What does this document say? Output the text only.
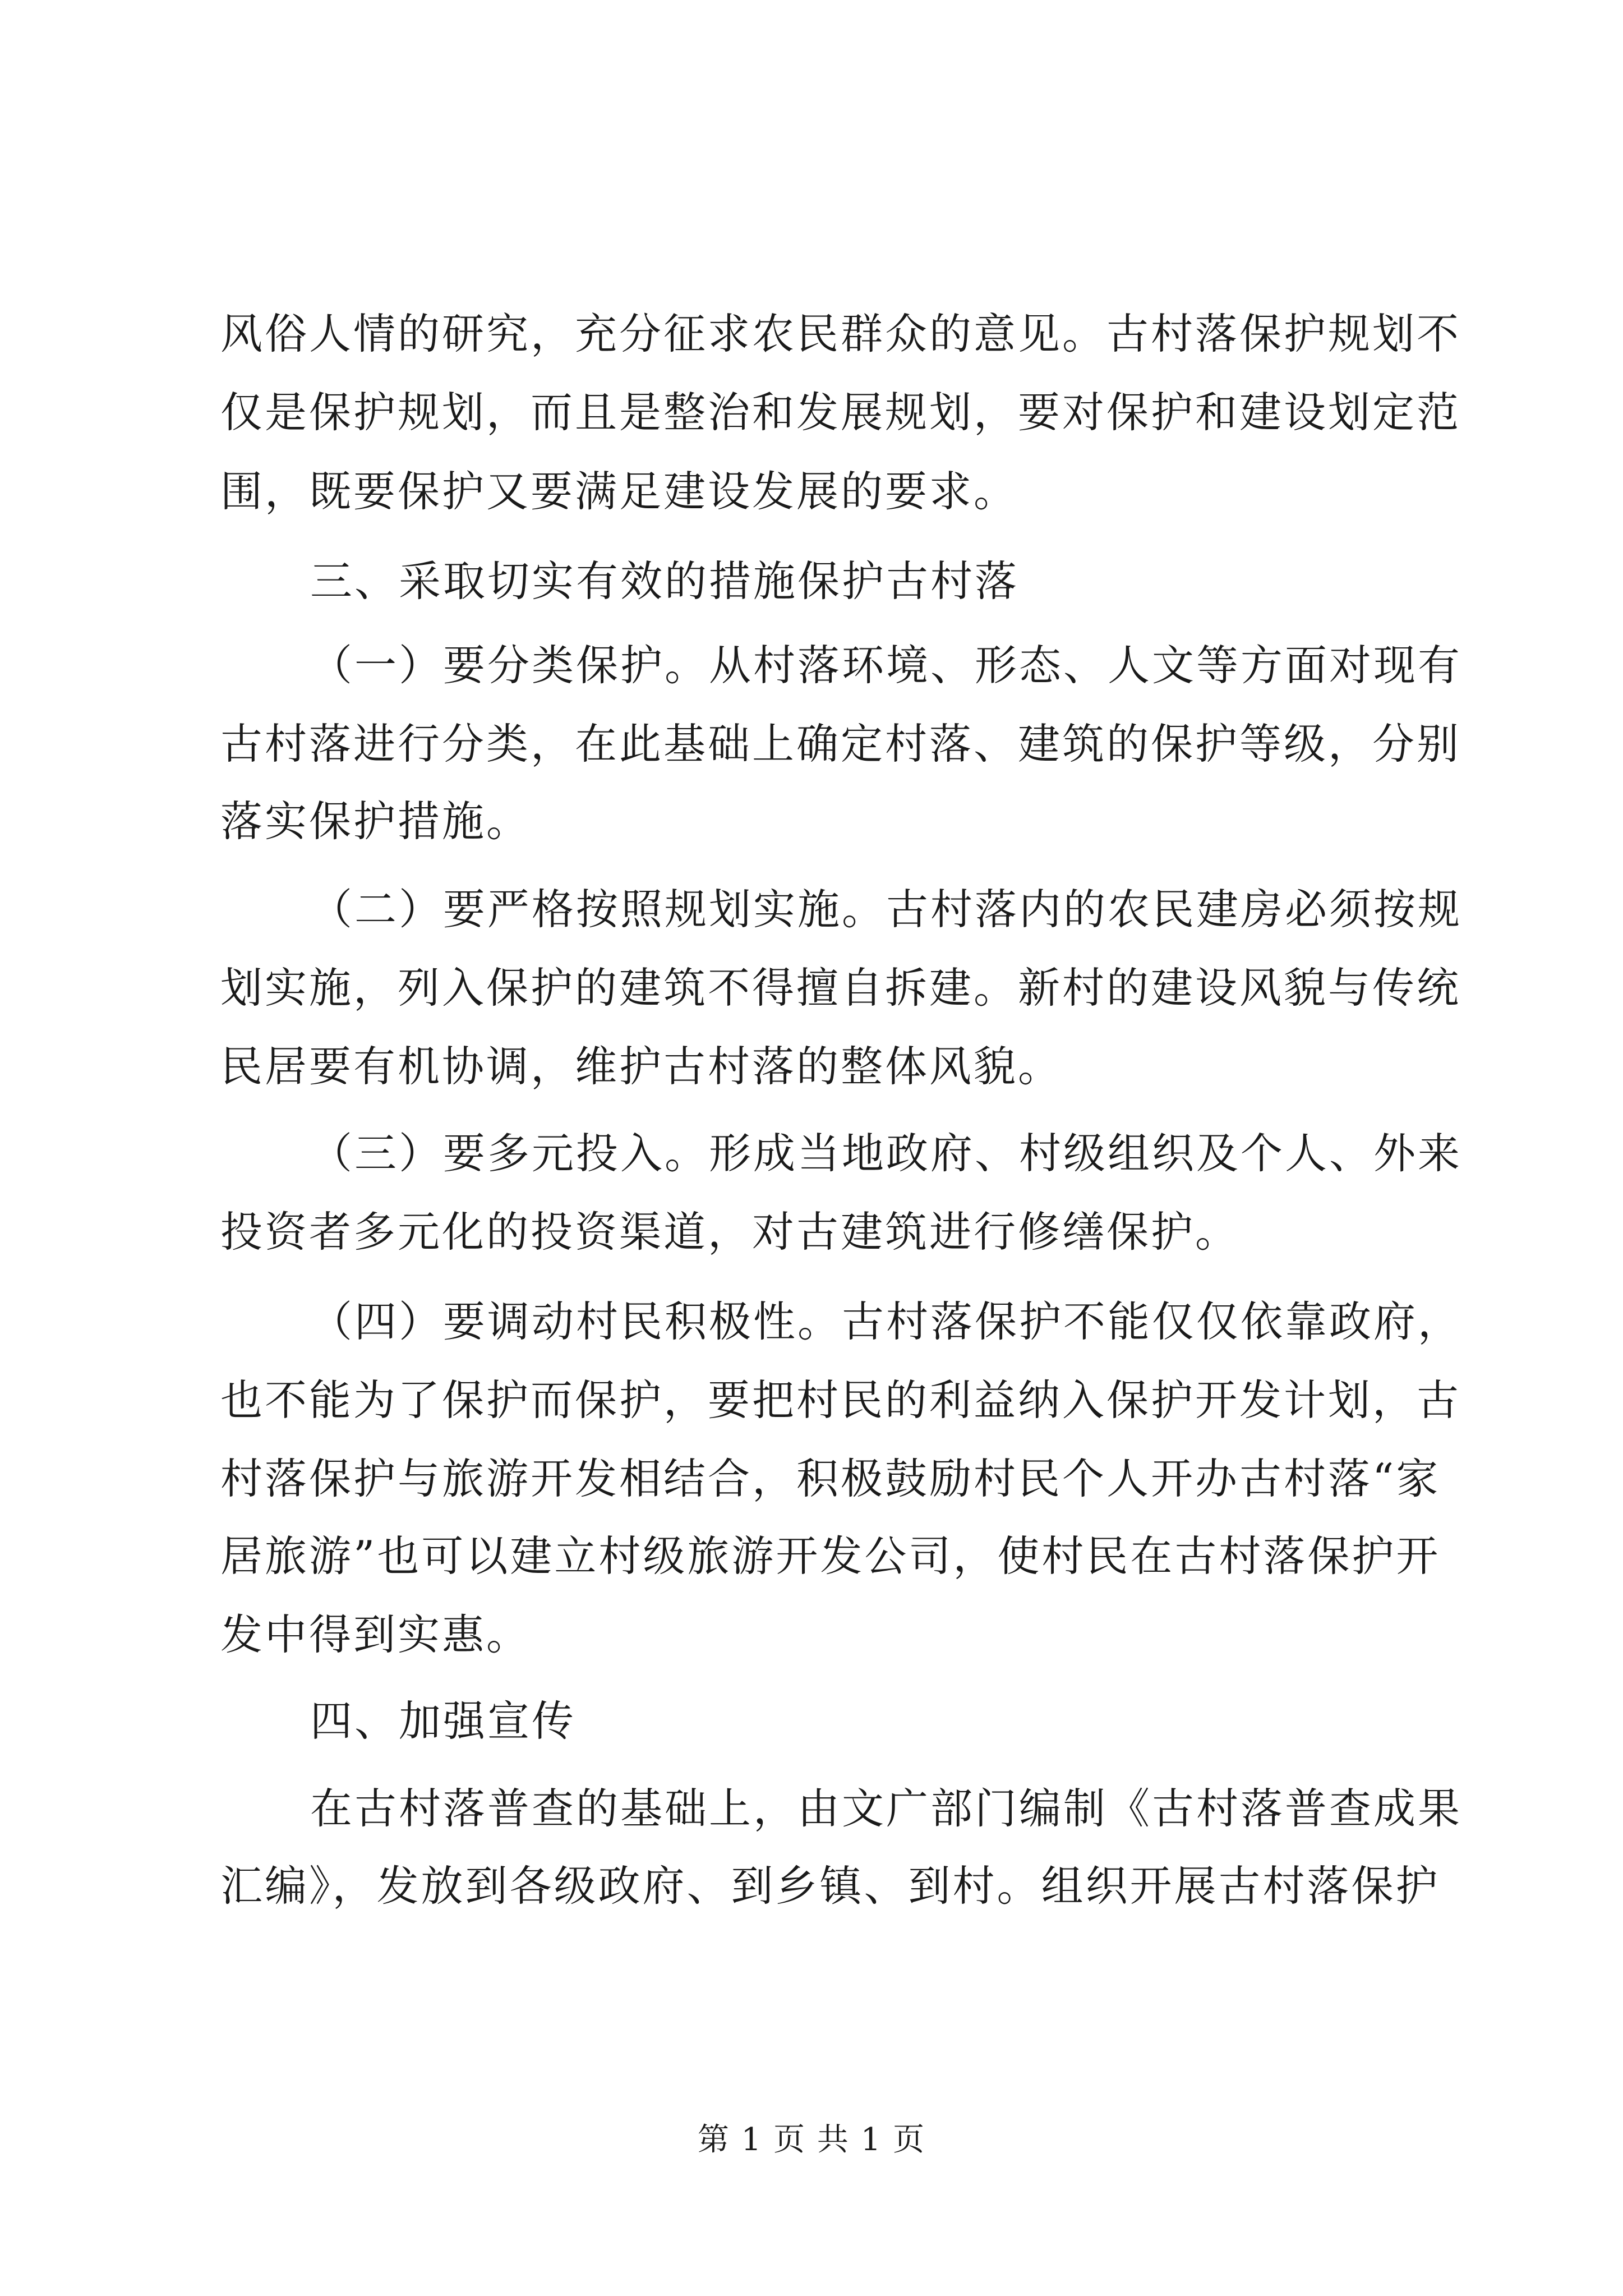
风俗人情的研究，充分征求农民群众的意见。古村落保护规划不
仅是保护规划，而且是整治和发展规划，要对保护和建设划定范
围，既要保护又要满足建设发展的要求。
三、采取切实有效的措施保护古村落
（一）要分类保护。从村落环境、形态、人文等方面对现有
古村落进行分类，在此基础上确定村落、建筑的保护等级，分别
落实保护措施。
（二）要严格按照规划实施。古村落内的农民建房必须按规
划实施，列入保护的建筑不得擅自拆建。新村的建设风貌与传统
民居要有机协调，维护古村落的整体风貌。
（三）要多元投入。形成当地政府、村级组织及个人、外来
投资者多元化的投资渠道，对古建筑进行修缮保护。
（四）要调动村民积极性。古村落保护不能仅仅依靠政府，
也不能为了保护而保护，要把村民的利益纳入保护开发计划，古
村落保护与旅游开发相结合，积极鼓励村民个人开办古村落“家
居旅游”也可以建立村级旅游开发公司，使村民在古村落保护开
发中得到实惠。
四、加强宣传
在古村落普查的基础上，由文广部门编制《古村落普查成果
汇编》，发放到各级政府、到乡镇、到村。组织开展古村落保护
第 1 页 共 1 页
